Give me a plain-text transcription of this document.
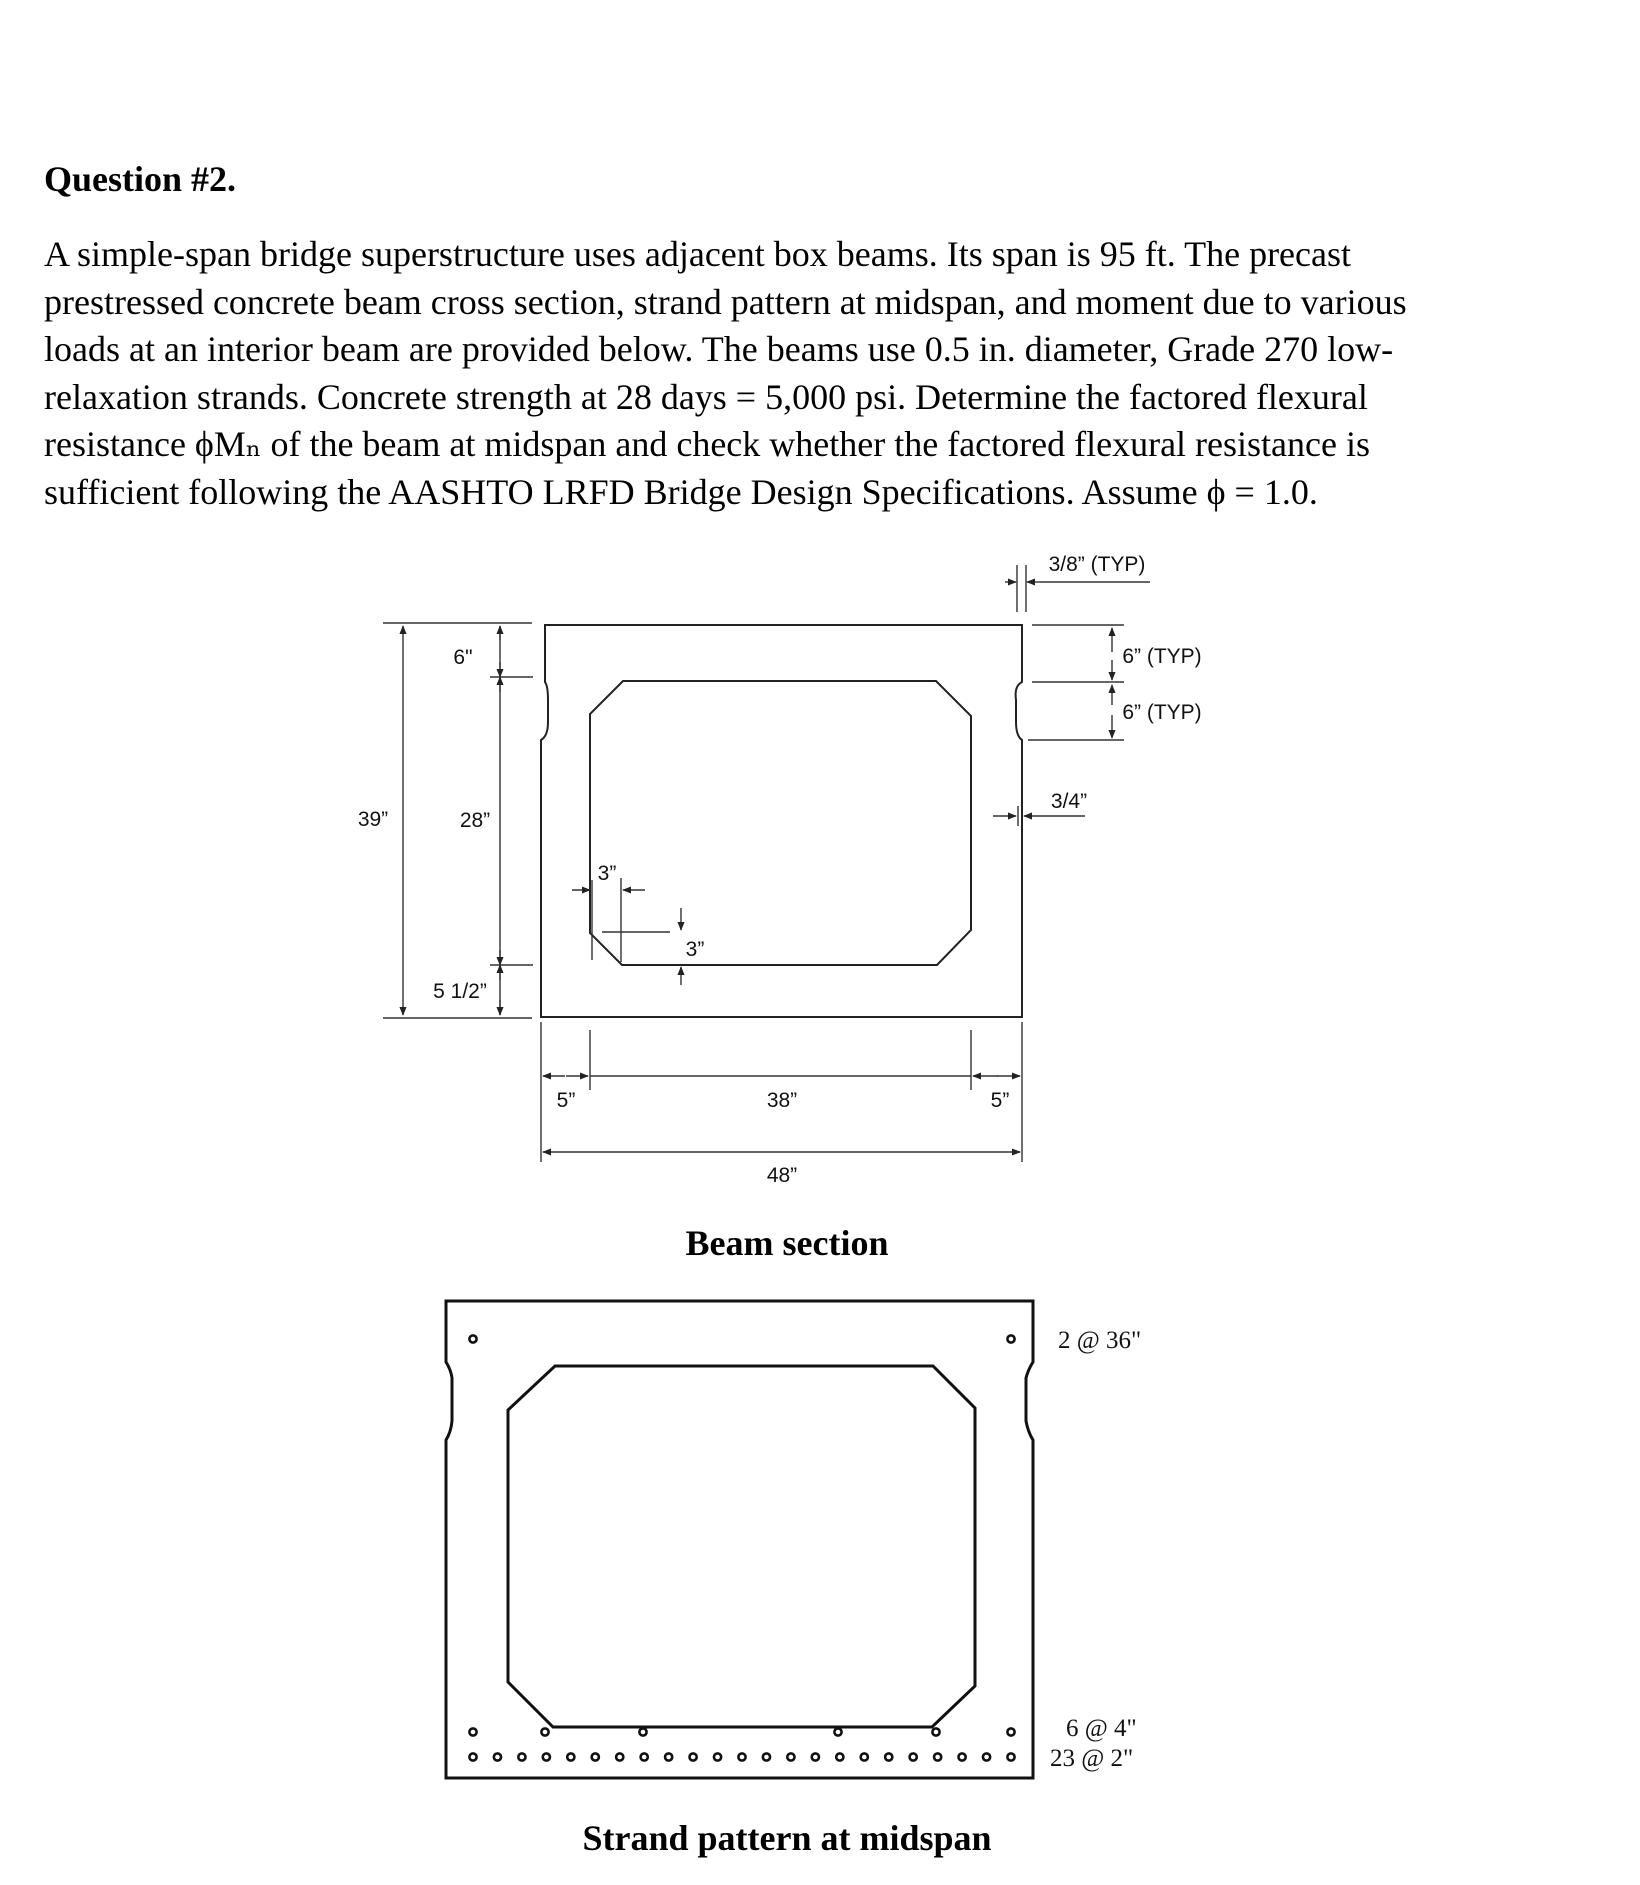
Question #2.
A simple-span bridge superstructure uses adjacent box beams. Its span is 95 ft. The precast
prestressed concrete beam cross section, strand pattern at midspan, and moment due to various
loads at an interior beam are provided below. The beams use 0.5 in. diameter, Grade 270 low-
relaxation strands. Concrete strength at 28 days = 5,000 psi. Determine the factored flexural
resistance ϕMₙ of the beam at midspan and check whether the factored flexural resistance is
sufficient following the AASHTO LRFD Bridge Design Specifications. Assume ϕ = 1.0.
39”
6"
28”
5 1/2”
3/8” (TYP)
6” (TYP)
6” (TYP)
3/4”
3”
3”
5”	38”	5”
48”
Beam section
2 @ 36"
6 @ 4"
23 @ 2"
Strand pattern at midspan
